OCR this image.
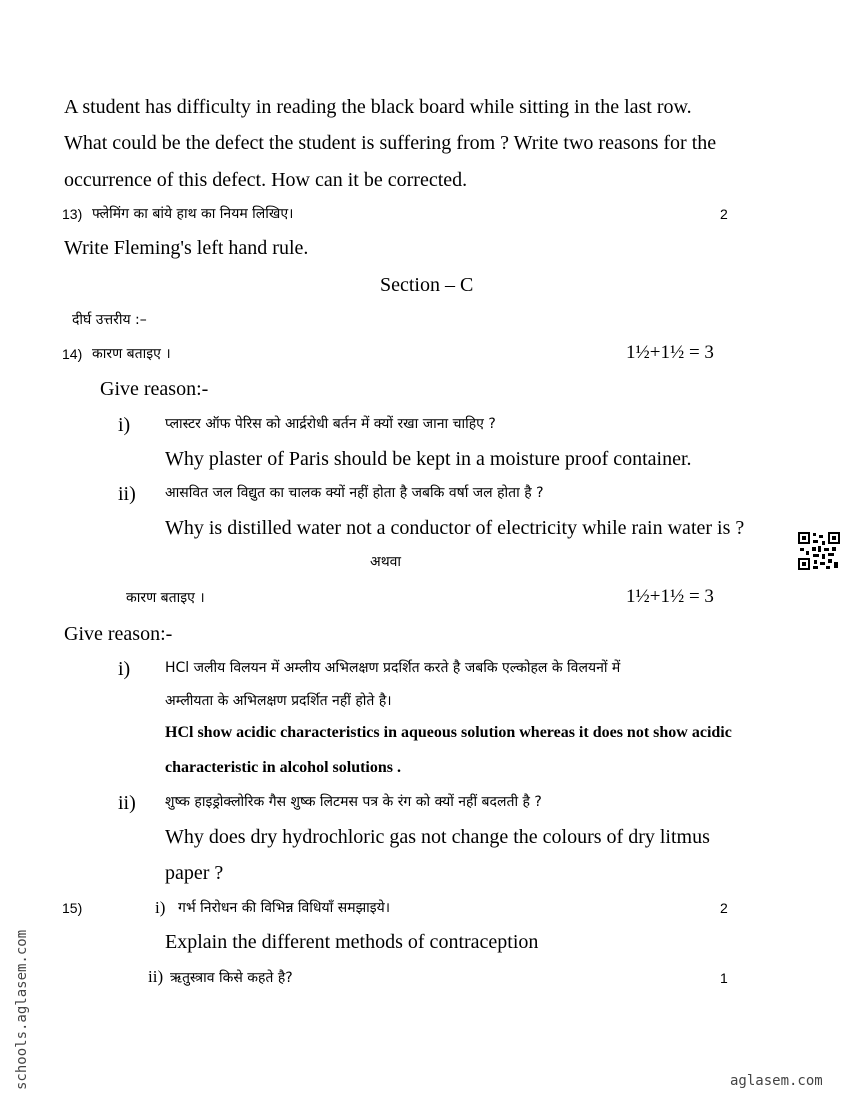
A student has difficulty in reading the black board while sitting in the last row.
What could be the defect the student is suffering from ? Write two reasons for the
occurrence of this defect. How can it be corrected.
13) फ्लेमिंग का बांये हाथ का नियम लिखिए।	2
Write Fleming's left hand rule.
Section – C
दीर्घ उत्तरीय :–
14) कारण बताइए ।	1½+1½ = 3
Give reason:-
i) प्लास्टर ऑफ पेरिस को आर्द्ररोधी बर्तन में क्यों रखा जाना चाहिए ?
Why plaster of Paris should be kept in a moisture proof container.
ii) आसवित जल विद्युत का चालक क्यों नहीं होता है जबकि वर्षा जल होता है ?
Why is distilled water not a conductor of electricity while rain water is ?
अथवा
कारण बताइए ।	1½+1½ = 3
Give reason:-
i) HCl जलीय विलयन में अम्लीय अभिलक्षण प्रदर्शित करते है जबकि एल्कोहल के विलयनों में
अम्लीयता के अभिलक्षण प्रदर्शित नहीं होते है।
HCl show acidic characteristics in aqueous solution whereas it does not show acidic
characteristic in alcohol solutions .
ii) शुष्क हाइड्रोक्लोरिक गैस शुष्क लिटमस पत्र के रंग को क्यों नहीं बदलती है ?
Why does dry hydrochloric gas not change the colours of dry litmus
paper ?
15)	i) गर्भ निरोधन की विभिन्न विधियाँ समझाइये।	2
Explain the different methods of contraception
ii) ऋतुस्त्राव किसे कहते है?	1
schools.aglasem.com	aglasem.com
